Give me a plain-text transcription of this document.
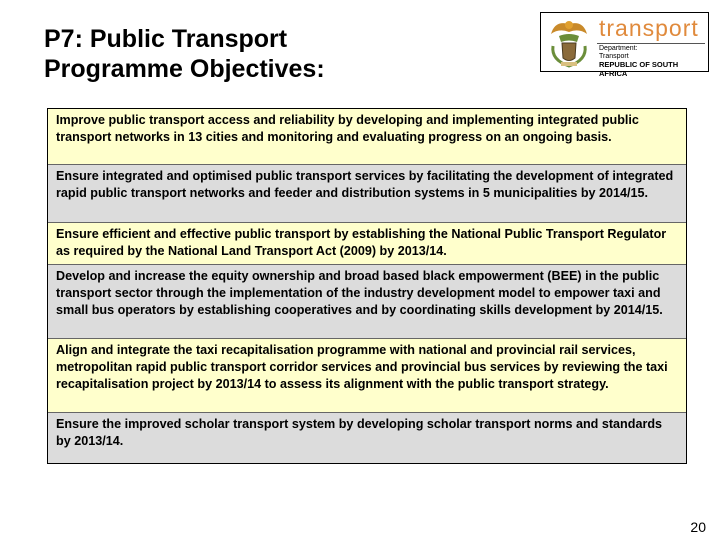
P7: Public Transport
Programme Objectives:
transport
Department:
Transport
REPUBLIC OF SOUTH AFRICA
Improve public transport access and reliability by developing and implementing integrated public transport networks in 13 cities and monitoring and evaluating progress on an ongoing basis.
Ensure integrated and optimised public transport services by facilitating the development of integrated rapid public transport networks and feeder and distribution systems in 5 municipalities by 2014/15.
Ensure efficient and effective public transport by establishing the National Public Transport Regulator as required by the National Land Transport Act (2009) by 2013/14.
Develop and increase the equity ownership and broad based black empowerment (BEE) in the public transport sector through the implementation of the industry development model to empower taxi and small bus operators by establishing cooperatives and by coordinating skills development by 2014/15.
Align and integrate the taxi recapitalisation programme with national and provincial rail services, metropolitan rapid public transport corridor services and provincial bus services by reviewing the taxi recapitalisation project by 2013/14 to assess its alignment with the public transport strategy.
Ensure the improved scholar transport system by developing scholar transport norms and standards by 2013/14.
20
